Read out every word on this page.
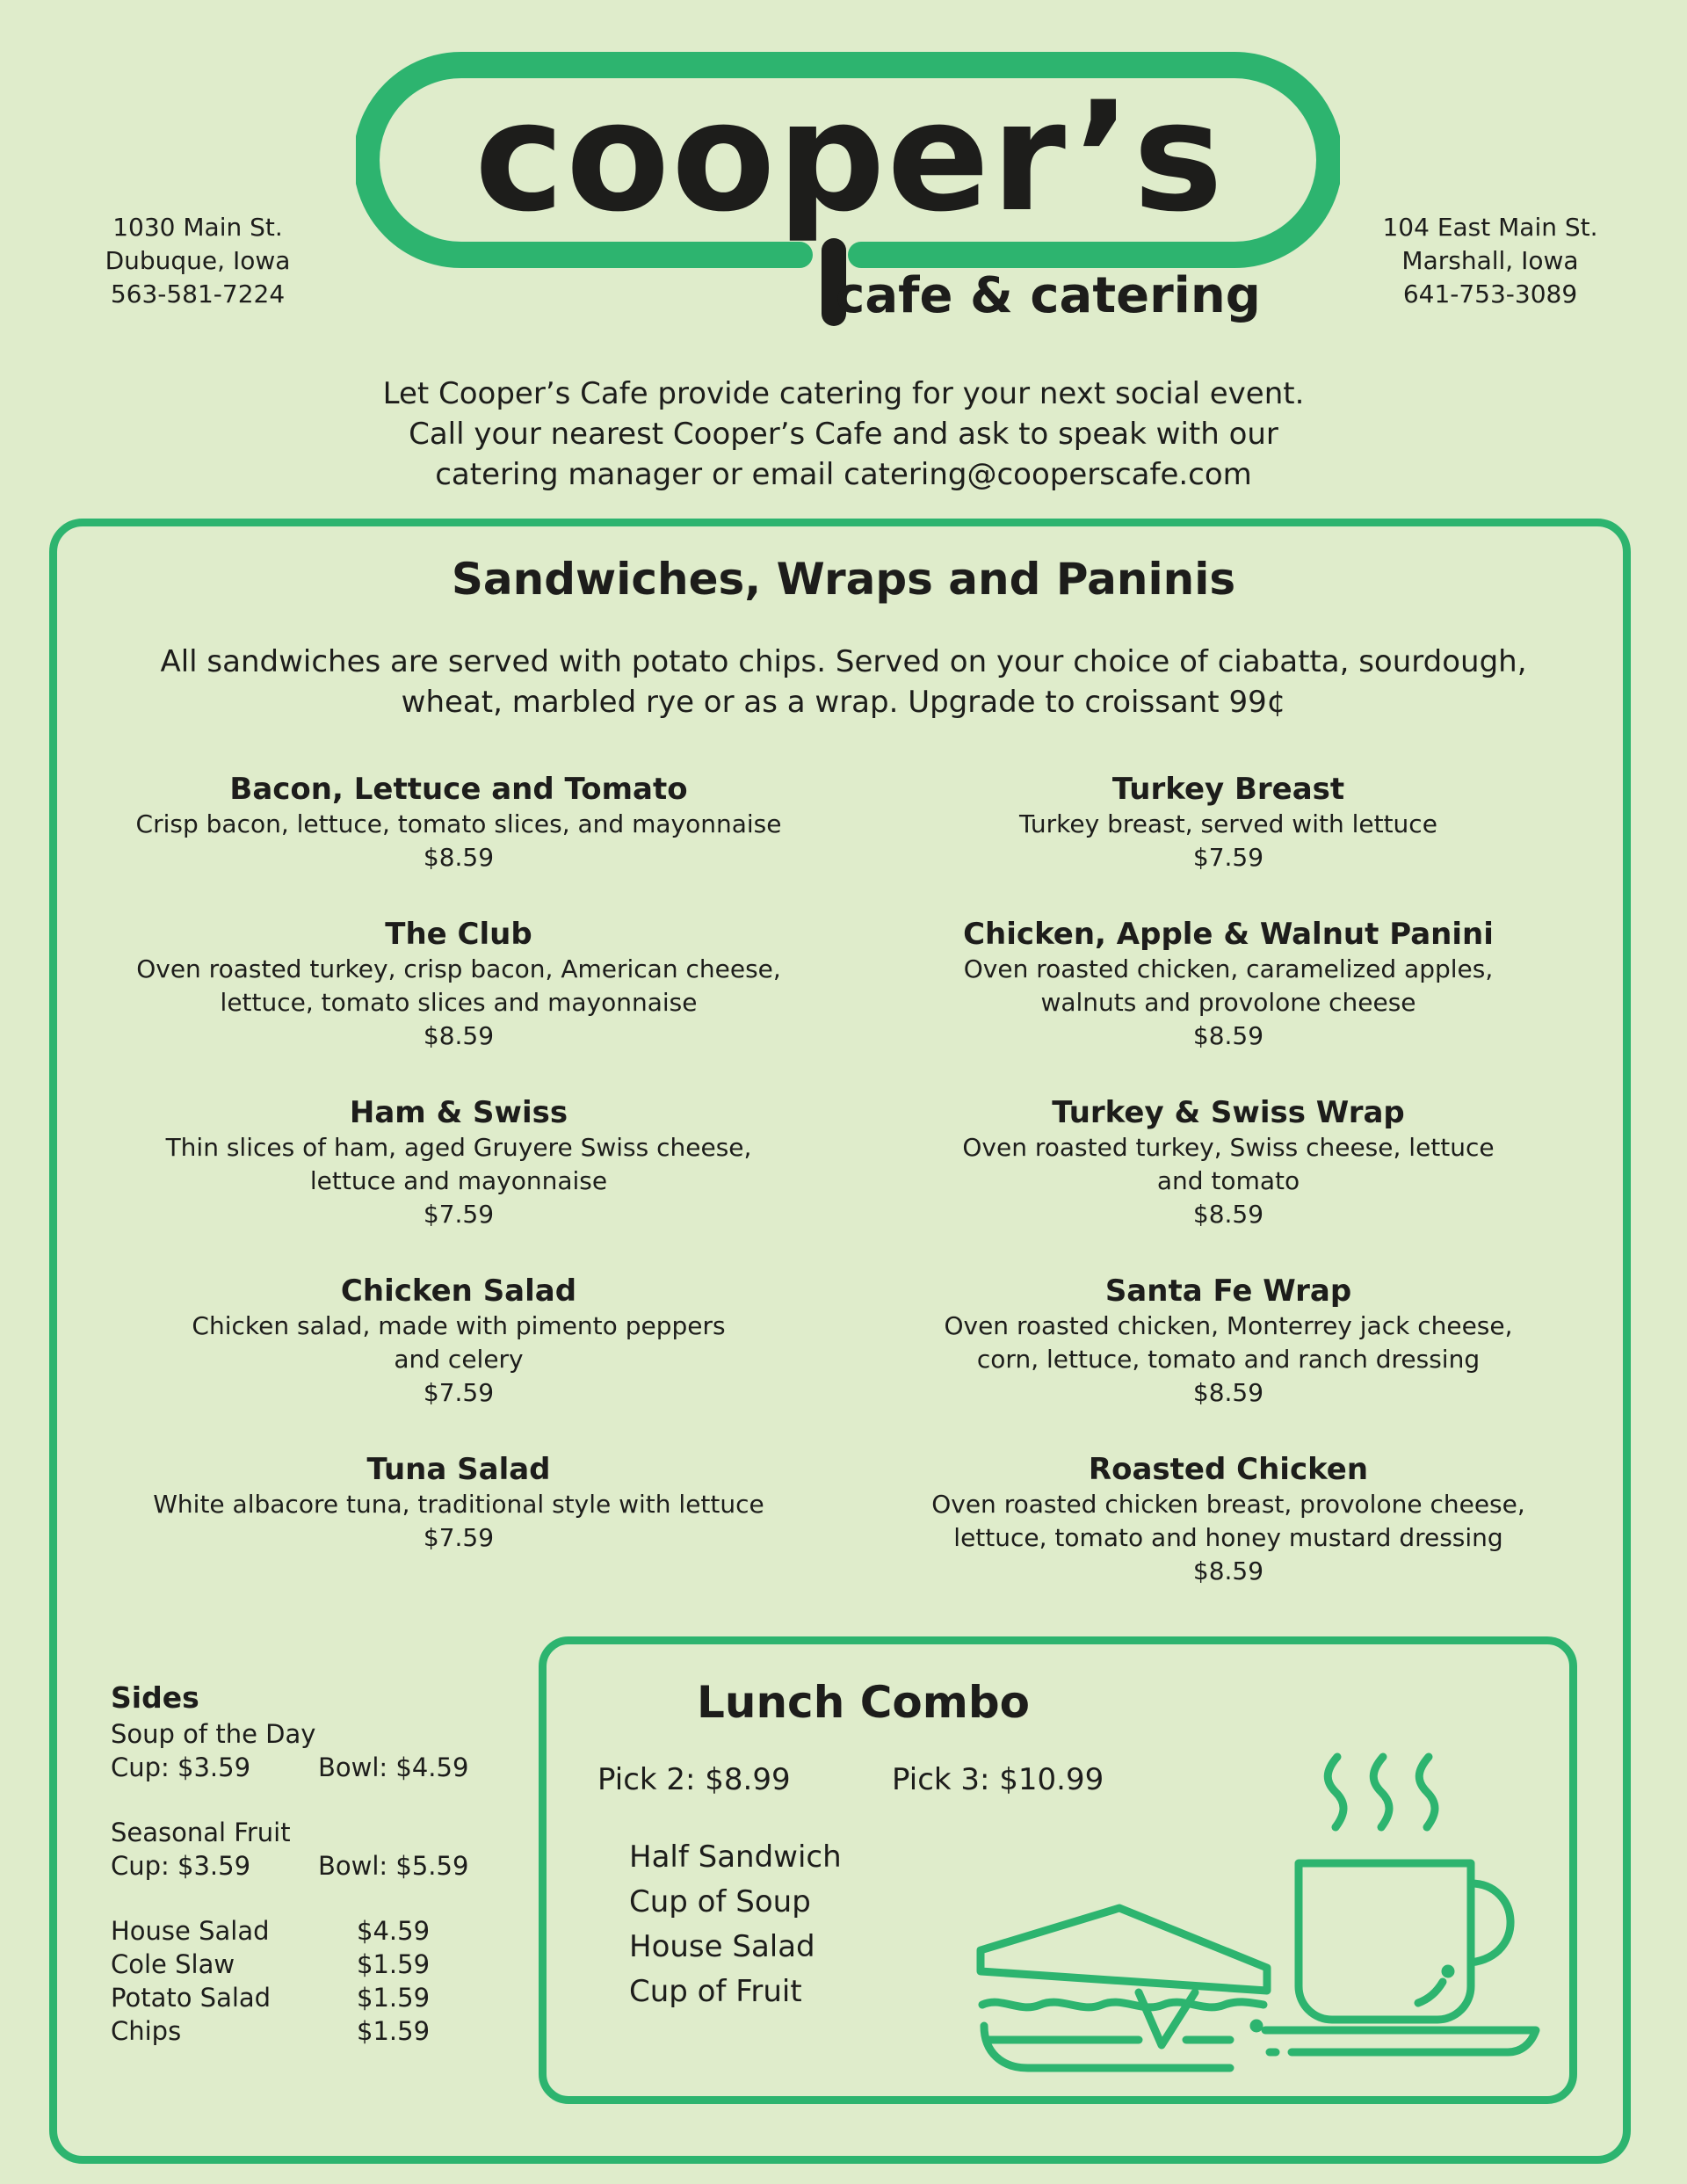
1030 Main St.
Dubuque, Iowa
563-581-7224
104 East Main St.
Marshall, Iowa
641-753-3089
cooper’s
cafe & catering
Let Cooper’s Cafe provide catering for your next social event.
Call your nearest Cooper’s Cafe and ask to speak with our
catering manager or email catering@cooperscafe.com
Sandwiches, Wraps and Paninis
All sandwiches are served with potato chips. Served on your choice of ciabatta, sourdough,
wheat, marbled rye or as a wrap. Upgrade to croissant 99¢
Bacon, Lettuce and Tomato
Crisp bacon, lettuce, tomato slices, and mayonnaise
$8.59
The Club
Oven roasted turkey, crisp bacon, American cheese,
lettuce, tomato slices and mayonnaise
$8.59
Ham & Swiss
Thin slices of ham, aged Gruyere Swiss cheese,
lettuce and mayonnaise
$7.59
Chicken Salad
Chicken salad, made with pimento peppers
and celery
$7.59
Tuna Salad
White albacore tuna, traditional style with lettuce
$7.59
Turkey Breast
Turkey breast, served with lettuce
$7.59
Chicken, Apple & Walnut Panini
Oven roasted chicken, caramelized apples,
walnuts and provolone cheese
$8.59
Turkey & Swiss Wrap
Oven roasted turkey, Swiss cheese, lettuce
and tomato
$8.59
Santa Fe Wrap
Oven roasted chicken, Monterrey jack cheese,
corn, lettuce, tomato and ranch dressing
$8.59
Roasted Chicken
Oven roasted chicken breast, provolone cheese,
lettuce, tomato and honey mustard dressing
$8.59
Sides
Soup of the Day
Cup: $3.59	Bowl: $4.59
Seasonal Fruit
Cup: $3.59	Bowl: $5.59
House Salad	$4.59
Cole Slaw	$1.59
Potato Salad	$1.59
Chips	$1.59
Lunch Combo
Pick 2: $8.99	Pick 3: $10.99
Half Sandwich
Cup of Soup
House Salad
Cup of Fruit
